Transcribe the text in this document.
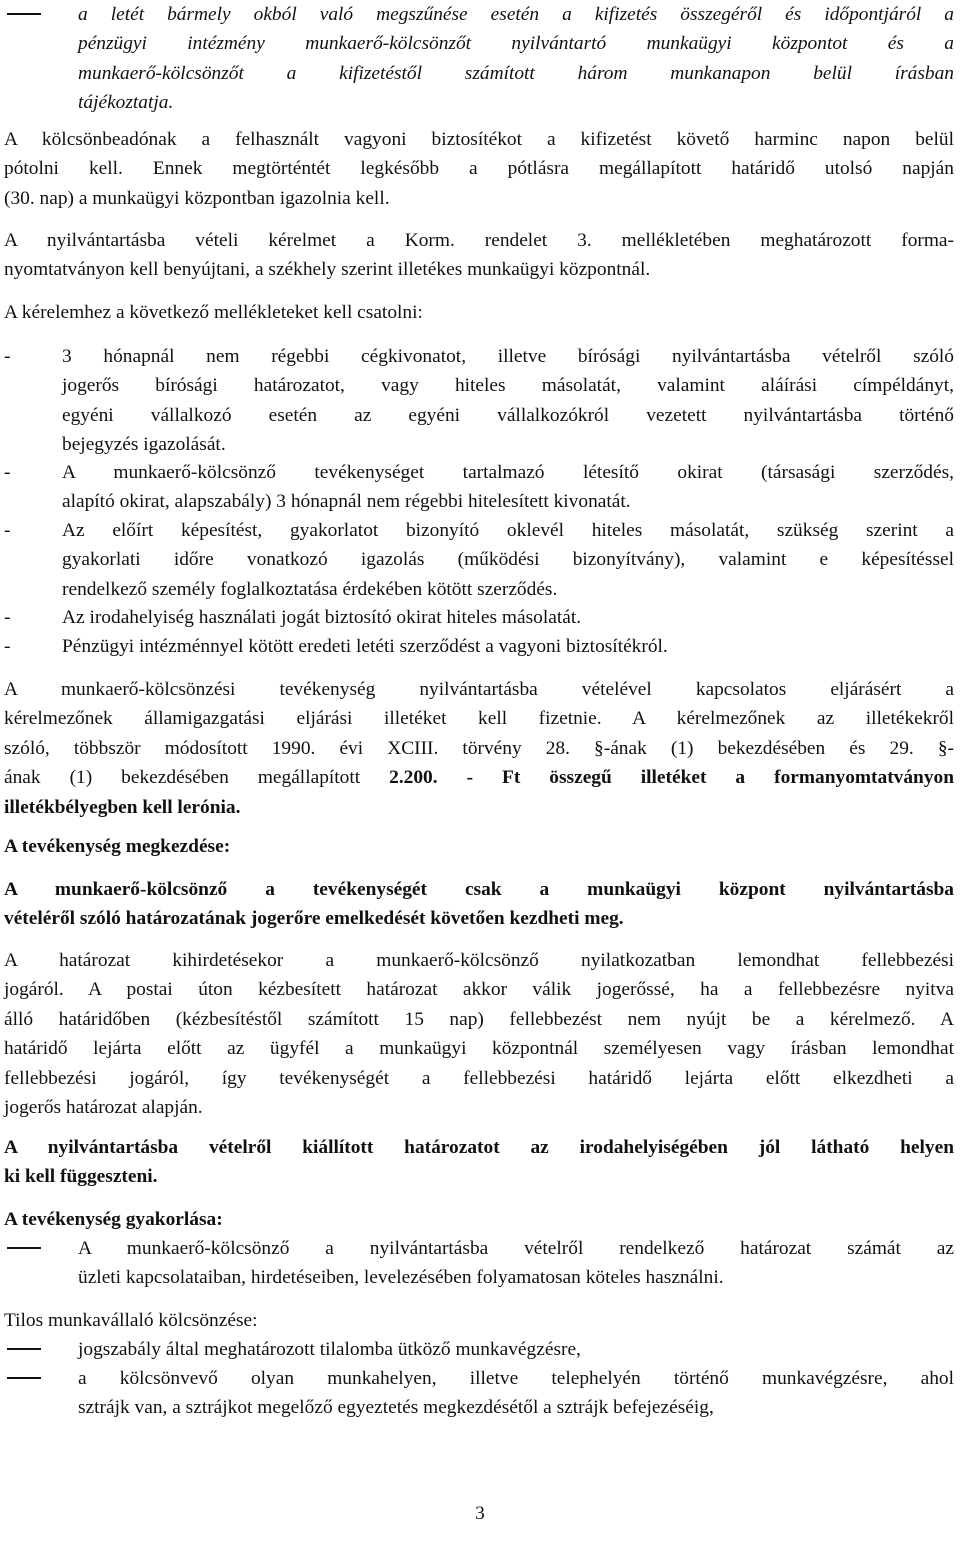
a letét bármely okból való megszűnése esetén a kifizetés összegéről és időpontjáról a

pénzügyi intézmény munkaerő-kölcsönzőt nyilvántartó munkaügyi központot és a

munkaerő-kölcsönzőt a kifizetéstől számított három munkanapon belül írásban

tájékoztatja.

A kölcsönbeadónak a felhasznált vagyoni biztosítékot a kifizetést követő harminc napon belül

pótolni kell. Ennek megtörténtét legkésőbb a pótlásra megállapított határidő utolsó napján

(30. nap) a munkaügyi központban igazolnia kell.

A nyilvántartásba vételi kérelmet a Korm. rendelet 3. mellékletében meghatározott forma-

nyomtatványon kell benyújtani, a székhely szerint illetékes munkaügyi központnál.

A kérelemhez a következő mellékleteket kell csatolni:

-	3 hónapnál nem régebbi cégkivonatot, illetve bírósági nyilvántartásba vételről szóló

jogerős bírósági határozatot, vagy hiteles másolatát, valamint aláírási címpéldányt,

egyéni vállalkozó esetén az egyéni vállalkozókról vezetett nyilvántartásba történő

bejegyzés igazolását.

-	A munkaerő-kölcsönző tevékenységet tartalmazó létesítő okirat (társasági szerződés,

alapító okirat, alapszabály) 3 hónapnál nem régebbi hitelesített kivonatát.

-	Az előírt képesítést, gyakorlatot bizonyító oklevél hiteles másolatát, szükség szerint a

gyakorlati időre vonatkozó igazolás (működési bizonyítvány), valamint e képesítéssel

rendelkező személy foglalkoztatása érdekében kötött szerződés.

-	Az irodahelyiség használati jogát biztosító okirat hiteles másolatát.

-	Pénzügyi intézménnyel kötött eredeti letéti szerződést a vagyoni biztosítékról.

A munkaerő-kölcsönzési tevékenység nyilvántartásba vételével kapcsolatos eljárásért a

kérelmezőnek államigazgatási eljárási illetéket kell fizetnie. A kérelmezőnek az illetékekről

szóló, többször módosított 1990. évi XCIII. törvény 28. §-ának (1) bekezdésében és 29. §-

ának (1) bekezdésében megállapított 2.200. - Ft összegű illetéket a formanyomtatványon

illetékbélyegben kell lerónia.

A tevékenység megkezdése:

A munkaerő-kölcsönző a tevékenységét csak a munkaügyi központ nyilvántartásba

vételéről szóló határozatának jogerőre emelkedését követően kezdheti meg.

A határozat kihirdetésekor a munkaerő-kölcsönző nyilatkozatban lemondhat fellebbezési

jogáról. A postai úton kézbesített határozat akkor válik jogerőssé, ha a fellebbezésre nyitva

álló határidőben (kézbesítéstől számított 15 nap) fellebbezést nem nyújt be a kérelmező. A

határidő lejárta előtt az ügyfél a munkaügyi központnál személyesen vagy írásban lemondhat

fellebbezési jogáról, így tevékenységét a fellebbezési határidő lejárta előtt elkezdheti a

jogerős határozat alapján.

A nyilvántartásba vételről kiállított határozatot az irodahelyiségében jól látható helyen

ki kell függeszteni.

A tevékenység gyakorlása:

A munkaerő-kölcsönző a nyilvántartásba vételről rendelkező határozat számát az

üzleti kapcsolataiban, hirdetéseiben, levelezésében folyamatosan köteles használni.

Tilos munkavállaló kölcsönzése:

jogszabály által meghatározott tilalomba ütköző munkavégzésre,

a kölcsönvevő olyan munkahelyen, illetve telephelyén történő munkavégzésre, ahol

sztrájk van, a sztrájkot megelőző egyeztetés megkezdésétől a sztrájk befejezéséig,

3
